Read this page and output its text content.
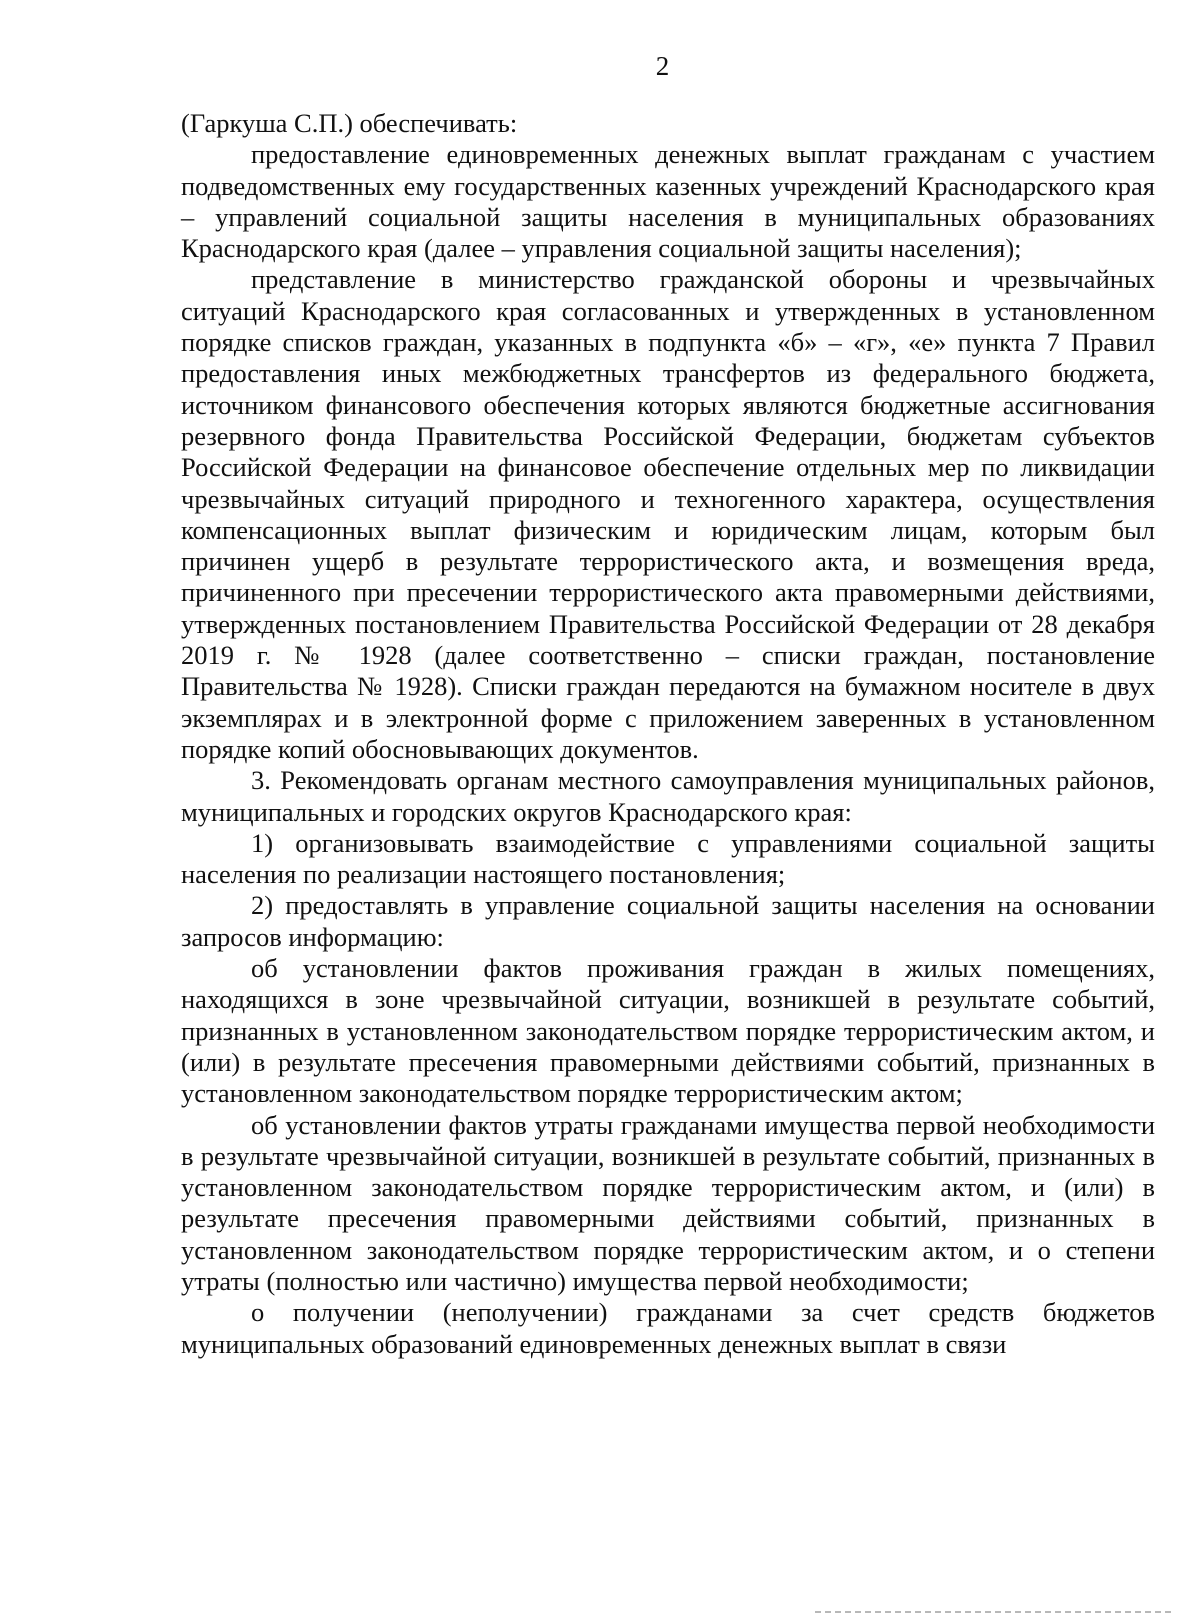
2

(Гаркуша С.П.) обеспечивать:

предоставление единовременных денежных выплат гражданам с участием подведомственных ему государственных казенных учреждений Краснодарского края – управлений социальной защиты населения в муниципальных образованиях Краснодарского края (далее – управления социальной защиты населения);

представление в министерство гражданской обороны и чрезвычайных ситуаций Краснодарского края согласованных и утвержденных в установленном порядке списков граждан, указанных в подпункта «б» – «г», «е» пункта 7 Правил предоставления иных межбюджетных трансфертов из федерального бюджета, источником финансового обеспечения которых являются бюджетные ассигнования резервного фонда Правительства Российской Федерации, бюджетам субъектов Российской Федерации на финансовое обеспечение отдельных мер по ликвидации чрезвычайных ситуаций природного и техногенного характера, осуществления компенсационных выплат физическим и юридическим лицам, которым был причинен ущерб в результате террористического акта, и возмещения вреда, причиненного при пресечении террористического акта правомерными действиями, утвержденных постановлением Правительства Российской Федерации от 28 декабря 2019 г. № 1928 (далее соответственно – списки граждан, постановление Правительства № 1928). Списки граждан передаются на бумажном носителе в двух экземплярах и в электронной форме с приложением заверенных в установленном порядке копий обосновывающих документов.

3. Рекомендовать органам местного самоуправления муниципальных районов, муниципальных и городских округов Краснодарского края:

1) организовывать взаимодействие с управлениями социальной защиты населения по реализации настоящего постановления;

2) предоставлять в управление социальной защиты населения на основании запросов информацию:

об установлении фактов проживания граждан в жилых помещениях, находящихся в зоне чрезвычайной ситуации, возникшей в результате событий, признанных в установленном законодательством порядке террористическим актом, и (или) в результате пресечения правомерными действиями событий, признанных в установленном законодательством порядке террористическим актом;

об установлении фактов утраты гражданами имущества первой необходимости в результате чрезвычайной ситуации, возникшей в результате событий, признанных в установленном законодательством порядке террористическим актом, и (или) в результате пресечения правомерными действиями событий, признанных в установленном законодательством порядке террористическим актом, и о степени утраты (полностью или частично) имущества первой необходимости;

о получении (неполучении) гражданами за счет средств бюджетов муниципальных образований единовременных денежных выплат в связи
